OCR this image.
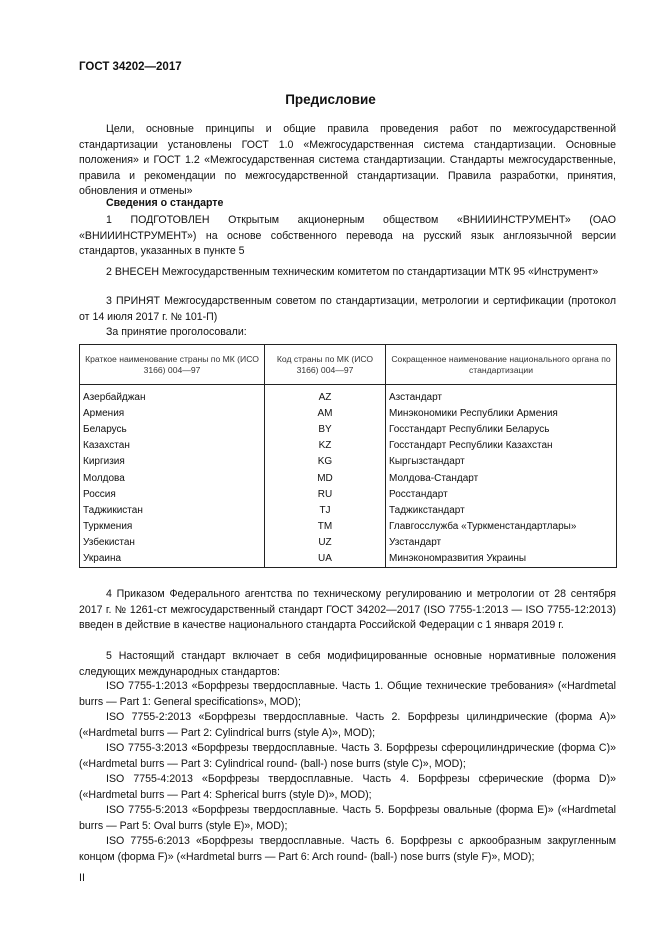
ГОСТ 34202—2017
Предисловие
Цели, основные принципы и общие правила проведения работ по межгосударственной стандартизации установлены ГОСТ 1.0 «Межгосударственная система стандартизации. Основные положения» и ГОСТ 1.2 «Межгосударственная система стандартизации. Стандарты межгосударственные, правила и рекомендации по межгосударственной стандартизации. Правила разработки, принятия, обновления и отмены»
Сведения о стандарте
1 ПОДГОТОВЛЕН Открытым акционерным обществом «ВНИИИНСТРУМЕНТ» (ОАО «ВНИИИНСТРУМЕНТ») на основе собственного перевода на русский язык англоязычной версии стандартов, указанных в пункте 5
2 ВНЕСЕН Межгосударственным техническим комитетом по стандартизации МТК 95 «Инструмент»
3 ПРИНЯТ Межгосударственным советом по стандартизации, метрологии и сертификации (протокол от 14 июля 2017 г. № 101-П)
За принятие проголосовали:
Краткое наименование страны по МК (ИСО 3166) 004—97	Код страны по МК (ИСО 3166) 004—97	Сокращенное наименование национального органа по стандартизации
Азербайджан	AZ	Азстандарт
Армения	AM	Минэкономики Республики Армения
Беларусь	BY	Госстандарт Республики Беларусь
Казахстан	KZ	Госстандарт Республики Казахстан
Киргизия	KG	Кыргызстандарт
Молдова	MD	Молдова-Стандарт
Россия	RU	Росстандарт
Таджикистан	TJ	Таджикстандарт
Туркмения	TM	Главгосслужба «Туркменстандартлары»
Узбекистан	UZ	Узстандарт
Украина	UA	Минэкономразвития Украины
4 Приказом Федерального агентства по техническому регулированию и метрологии от 28 сентября 2017 г. № 1261-ст межгосударственный стандарт ГОСТ 34202—2017 (ISO 7755-1:2013 — ISO 7755-12:2013) введен в действие в качестве национального стандарта Российской Федерации с 1 января 2019 г.
5 Настоящий стандарт включает в себя модифицированные основные нормативные положения следующих международных стандартов:
ISO 7755-1:2013 «Борфрезы твердосплавные. Часть 1. Общие технические требования» («Hardmetal burrs — Part 1: General specifications», MOD);
ISO 7755-2:2013 «Борфрезы твердосплавные. Часть 2. Борфрезы цилиндрические (форма A)» («Hardmetal burrs — Part 2: Cylindrical burrs (style A)», MOD);
ISO 7755-3:2013 «Борфрезы твердосплавные. Часть 3. Борфрезы сфероцилиндрические (форма C)» («Hardmetal burrs — Part 3: Cylindrical round- (ball-) nose burrs (style C)», MOD);
ISO 7755-4:2013 «Борфрезы твердосплавные. Часть 4. Борфрезы сферические (форма D)» («Hardmetal burrs — Part 4: Spherical burrs (style D)», MOD);
ISO 7755-5:2013 «Борфрезы твердосплавные. Часть 5. Борфрезы овальные (форма E)» («Hardmetal burrs — Part 5: Oval burrs (style E)», MOD);
ISO 7755-6:2013 «Борфрезы твердосплавные. Часть 6. Борфрезы с аркообразным закругленным концом (форма F)» («Hardmetal burrs — Part 6: Arch round- (ball-) nose burrs (style F)», MOD);
II
